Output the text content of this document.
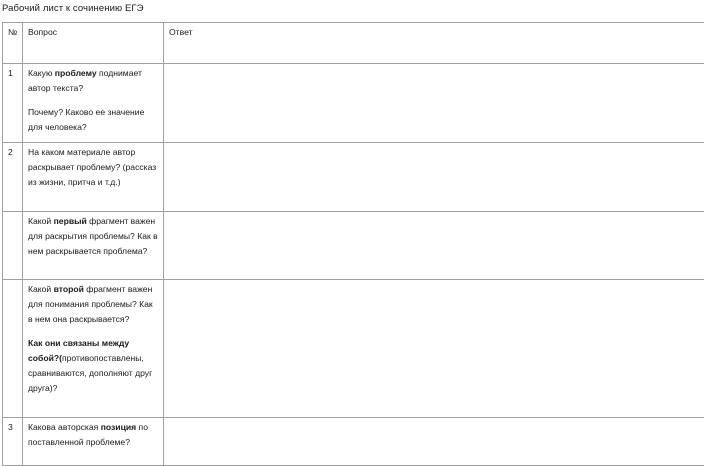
Рабочий лист к сочинению ЕГЭ
№	Вопрос	Ответ
1	Какую проблему поднимает автор текста?

Почему? Каково ее значение для человека?	

2	На каком материале автор раскрывает проблему? (рассказ из жизни, притча и т.д.)	

	Какой первый фрагмент важен для раскрытия проблемы? Как в нем раскрывается проблема?	

	Какой второй фрагмент важен для понимания проблемы? Как в нем она раскрывается?

Как они связаны между собой?(противопоставлены, сравниваются, дополняют друг друга)?	

3	Какова авторская позиция по поставленной проблеме?	
